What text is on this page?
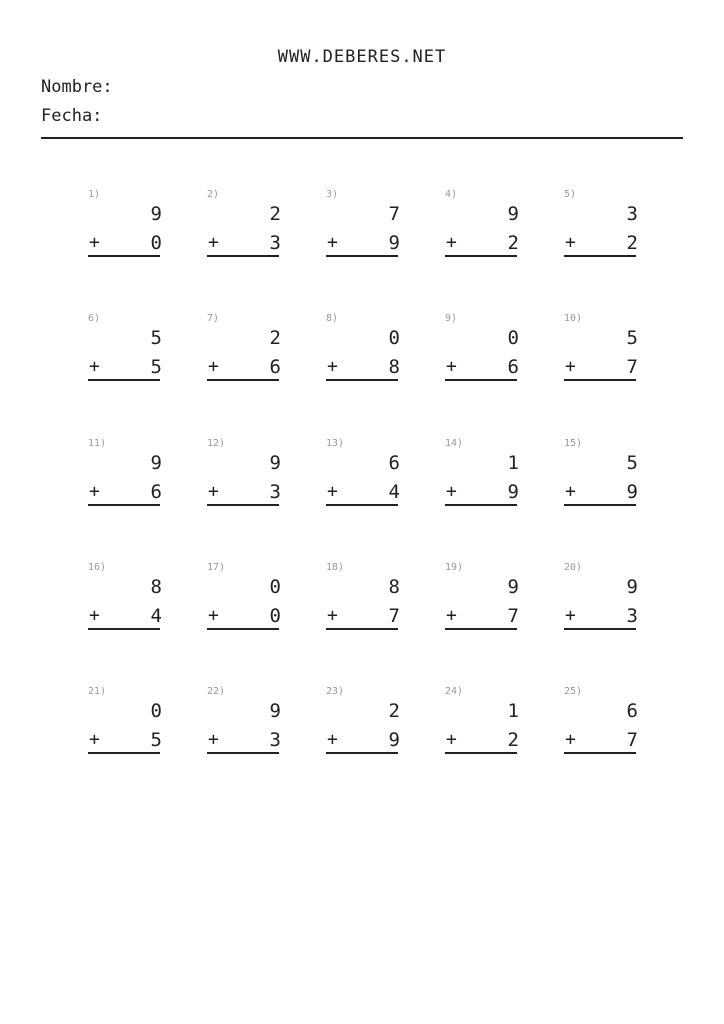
WWW.DEBERES.NET
Nombre:
Fecha:
1)
9
+	0
2)
2
+	3
3)
7
+	9
4)
9
+	2
5)
3
+	2
6)
5
+	5
7)
2
+	6
8)
0
+	8
9)
0
+	6
10)
5
+	7
11)
9
+	6
12)
9
+	3
13)
6
+	4
14)
1
+	9
15)
5
+	9
16)
8
+	4
17)
0
+	0
18)
8
+	7
19)
9
+	7
20)
9
+	3
21)
0
+	5
22)
9
+	3
23)
2
+	9
24)
1
+	2
25)
6
+	7
